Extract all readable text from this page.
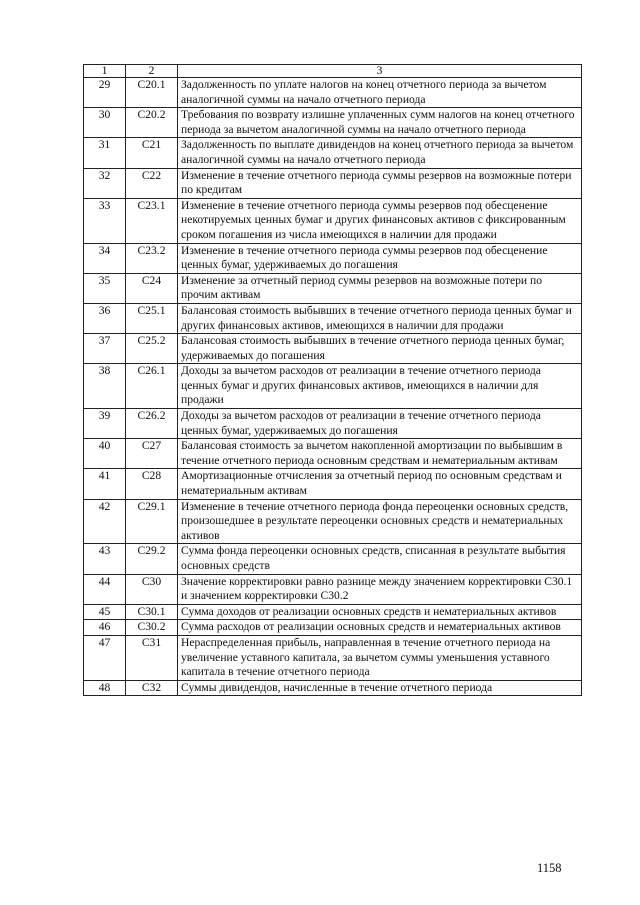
1	2	3
29	C20.1	Задолженность по уплате налогов на конец отчетного периода за вычетом аналогичной суммы на начало отчетного периода
30	C20.2	Требования по возврату излишне уплаченных сумм налогов на конец отчетного периода за вычетом аналогичной суммы на начало отчетного периода
31	C21	Задолженность по выплате дивидендов на конец отчетного периода за вычетом аналогичной суммы на начало отчетного периода
32	C22	Изменение в течение отчетного периода суммы резервов на возможные потери по кредитам
33	C23.1	Изменение в течение отчетного периода суммы резервов под обесценение некотируемых ценных бумаг и других финансовых активов с фиксированным сроком погашения из числа имеющихся в наличии для продажи
34	C23.2	Изменение в течение отчетного периода суммы резервов под обесценение ценных бумаг, удерживаемых до погашения
35	C24	Изменение за отчетный период суммы резервов на возможные потери по прочим активам
36	C25.1	Балансовая стоимость выбывших в течение отчетного периода ценных бумаг и других финансовых активов, имеющихся в наличии для продажи
37	C25.2	Балансовая стоимость выбывших в течение отчетного периода ценных бумаг, удерживаемых до погашения
38	C26.1	Доходы за вычетом расходов от реализации в течение отчетного периода ценных бумаг и других финансовых активов, имеющихся в наличии для продажи
39	C26.2	Доходы за вычетом расходов от реализации в течение отчетного периода ценных бумаг, удерживаемых до погашения
40	C27	Балансовая стоимость за вычетом накопленной амортизации по выбывшим в течение отчетного периода основным средствам и нематериальным активам
41	C28	Амортизационные отчисления за отчетный период по основным средствам и нематериальным активам
42	C29.1	Изменение в течение отчетного периода фонда переоценки основных средств, произошедшее в результате переоценки основных средств и нематериальных активов
43	C29.2	Сумма фонда переоценки основных средств, списанная в результате выбытия основных средств
44	C30	Значение корректировки равно разнице между значением корректировки C30.1 и значением корректировки C30.2
45	C30.1	Сумма доходов от реализации основных средств и нематериальных активов
46	C30.2	Сумма расходов от реализации основных средств и нематериальных активов
47	C31	Нераспределенная прибыль, направленная в течение отчетного периода на увеличение уставного капитала, за вычетом суммы уменьшения уставного капитала в течение отчетного периода
48	C32	Суммы дивидендов, начисленные в течение отчетного периода
1158
